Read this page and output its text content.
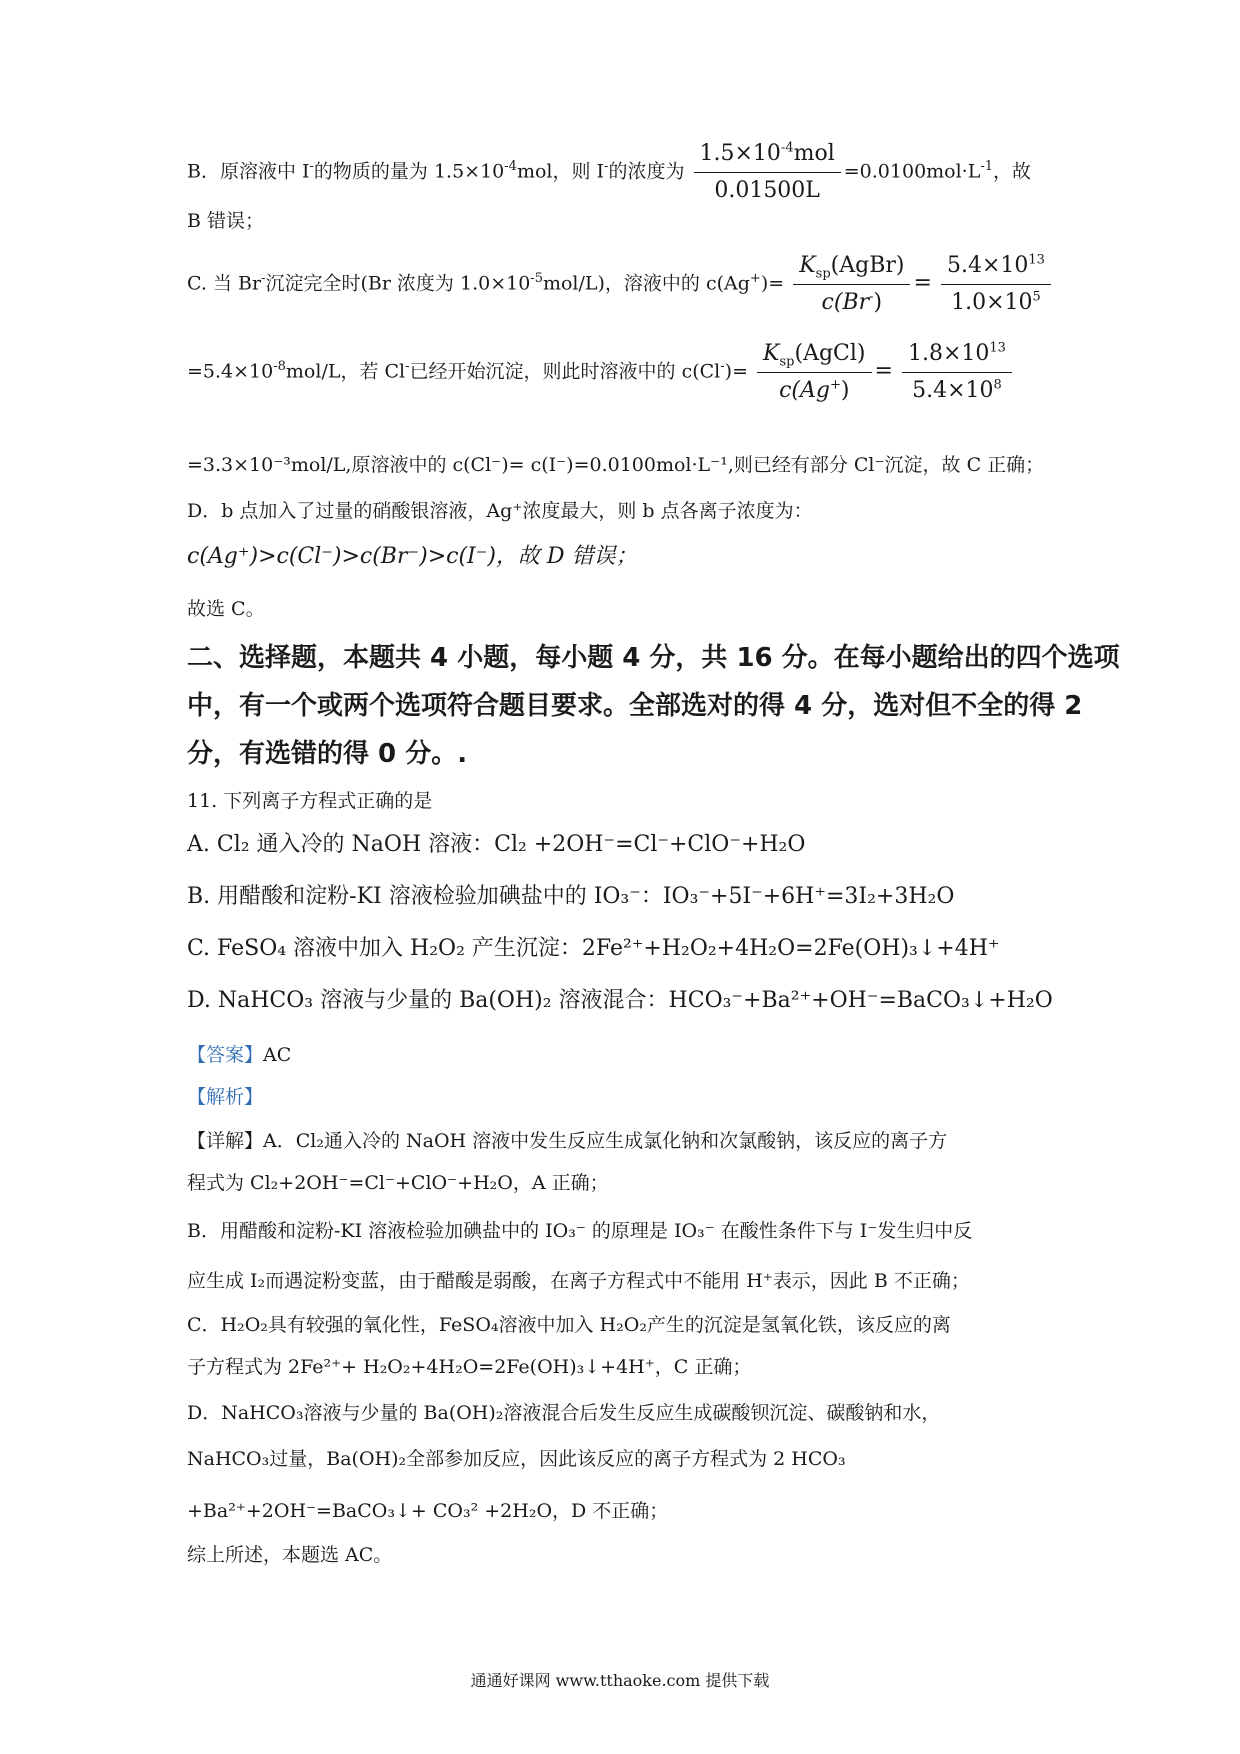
B．原溶液中 I-的物质的量为 $1.5\times 10^{-4}mol$，则 I-的浓度为 $\frac{1.5\times 10^{-4}mol}{0.01500L} =0.0100mol\cdot L^{-1}$，故
B 错误；
C. 当 Br-沉淀完全时(Br 浓度为 $1.0\times 10^{-5}mol/L$)，溶液中的 $c(Ag^+)= \frac{K_{sp}(AgBr)}{c(Br^-)} = \frac{5.4\times 10^{13}}{1.0\times 10^5}$
$=5.4\times 10^{-8}mol/L$，若 Cl-已经开始沉淀，则此时溶液中的 $c(Cl^-)= \frac{K_{sp}(AgCl)}{c(Ag^+)} = \frac{1.8\times 10^{13}}{5.4\times 10^8}$
=3.3×10⁻³mol/L,原溶液中的 c(Cl⁻)= c(I⁻)=0.0100mol·L⁻¹,则已经有部分 Cl⁻沉淀，故 C 正确；
D．b 点加入了过量的硝酸银溶液，Ag⁺浓度最大，则 b 点各离子浓度为：
c(Ag⁺)>c(Cl⁻)>c(Br⁻)>c(I⁻)，故 D 错误；
故选 C。
二、选择题，本题共 4 小题，每小题 4 分，共 16 分。在每小题给出的四个选项
中，有一个或两个选项符合题目要求。全部选对的得 4 分，选对但不全的得 2
分，有选错的得 0 分。.
11. 下列离子方程式正确的是
A. Cl₂ 通入冷的 NaOH 溶液：Cl₂ +2OH⁻=Cl⁻+ClO⁻+H₂O
B. 用醋酸和淀粉-KI 溶液检验加碘盐中的 IO₃⁻：IO₃⁻+5I⁻+6H⁺=3I₂+3H₂O
C. FeSO₄ 溶液中加入 H₂O₂ 产生沉淀：2Fe²⁺+H₂O₂+4H₂O=2Fe(OH)₃↓+4H⁺
D. NaHCO₃ 溶液与少量的 Ba(OH)₂ 溶液混合：HCO₃⁻+Ba²⁺+OH⁻=BaCO₃↓+H₂O
【答案】AC
【解析】
【详解】A．Cl₂通入冷的 NaOH 溶液中发生反应生成氯化钠和次氯酸钠，该反应的离子方
程式为 Cl₂+2OH⁻=Cl⁻+ClO⁻+H₂O，A 正确；
B．用醋酸和淀粉-KI 溶液检验加碘盐中的 IO₃⁻ 的原理是 IO₃⁻ 在酸性条件下与 I⁻发生归中反
应生成 I₂而遇淀粉变蓝，由于醋酸是弱酸，在离子方程式中不能用 H⁺表示，因此 B 不正确；
C．H₂O₂具有较强的氧化性，FeSO₄溶液中加入 H₂O₂产生的沉淀是氢氧化铁，该反应的离
子方程式为 2Fe²⁺+ H₂O₂+4H₂O=2Fe(OH)₃↓+4H⁺，C 正确；
D．NaHCO₃溶液与少量的 Ba(OH)₂溶液混合后发生反应生成碳酸钡沉淀、碳酸钠和水，
NaHCO₃过量，Ba(OH)₂全部参加反应，因此该反应的离子方程式为 2 HCO₃
+Ba²⁺+2OH⁻=BaCO₃↓+ CO₃² +2H₂O，D 不正确；
综上所述，本题选 AC。
通通好课网 www.tthaoke.com 提供下载
